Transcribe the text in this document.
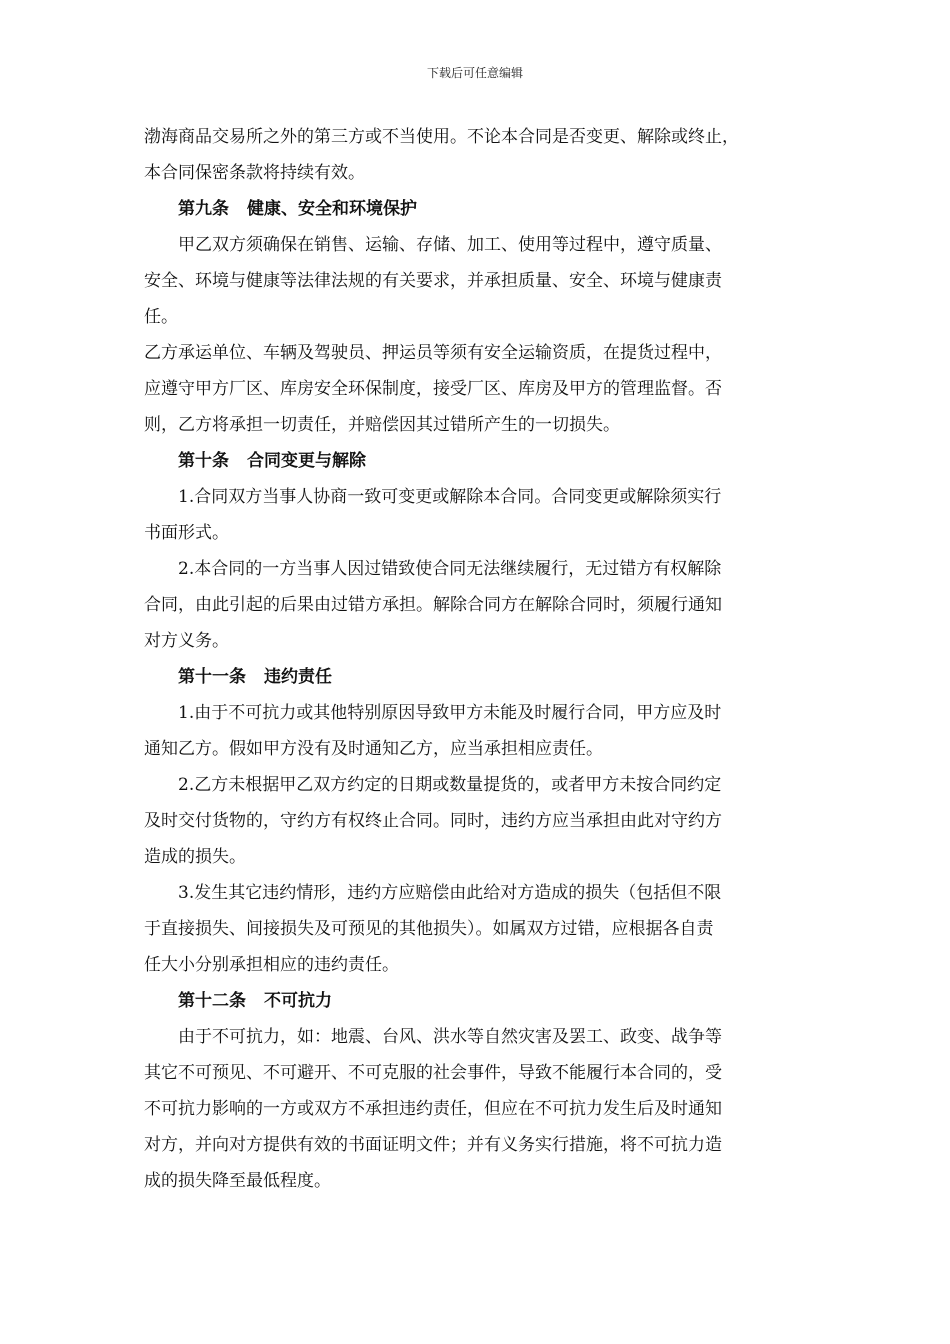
下载后可任意编辑
渤海商品交易所之外的第三方或不当使用。不论本合同是否变更、解除或终止，
本合同保密条款将持续有效。
第九条 健康、安全和环境保护
甲乙双方须确保在销售、运输、存储、加工、使用等过程中，遵守质量、
安全、环境与健康等法律法规的有关要求，并承担质量、安全、环境与健康责
任。
乙方承运单位、车辆及驾驶员、押运员等须有安全运输资质，在提货过程中，
应遵守甲方厂区、库房安全环保制度，接受厂区、库房及甲方的管理监督。否
则，乙方将承担一切责任，并赔偿因其过错所产生的一切损失。
第十条 合同变更与解除
1.合同双方当事人协商一致可变更或解除本合同。合同变更或解除须实行
书面形式。
2.本合同的一方当事人因过错致使合同无法继续履行，无过错方有权解除
合同，由此引起的后果由过错方承担。解除合同方在解除合同时，须履行通知
对方义务。
第十一条 违约责任
1.由于不可抗力或其他特别原因导致甲方未能及时履行合同，甲方应及时
通知乙方。假如甲方没有及时通知乙方，应当承担相应责任。
2.乙方未根据甲乙双方约定的日期或数量提货的，或者甲方未按合同约定
及时交付货物的，守约方有权终止合同。同时，违约方应当承担由此对守约方
造成的损失。
3.发生其它违约情形，违约方应赔偿由此给对方造成的损失（包括但不限
于直接损失、间接损失及可预见的其他损失）。如属双方过错，应根据各自责
任大小分别承担相应的违约责任。
第十二条 不可抗力
由于不可抗力，如：地震、台风、洪水等自然灾害及罢工、政变、战争等
其它不可预见、不可避开、不可克服的社会事件，导致不能履行本合同的，受
不可抗力影响的一方或双方不承担违约责任，但应在不可抗力发生后及时通知
对方，并向对方提供有效的书面证明文件；并有义务实行措施，将不可抗力造
成的损失降至最低程度。
